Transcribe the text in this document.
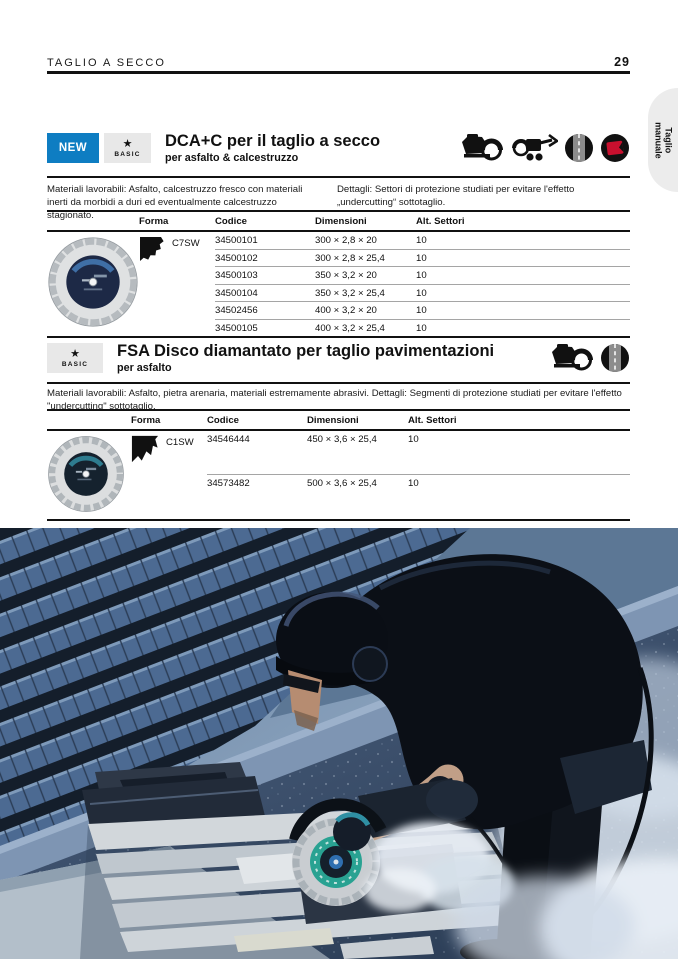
TAGLIO A SECCO	29
Taglio manuale
NEW	★
BASIC
DCA+C per il taglio a secco
per asfalto & calcestruzzo

Materiali lavorabili: Asfalto, calcestruzzo fresco con materiali inerti da morbidi a duri ed eventualmente calcestruzzo stagionato.

Dettagli: Settori di protezione studiati per evitare l'effetto „undercutting“ sottotaglio.

	Forma	Codice	Dimensioni	Alt. Settori

C7SW	34500101	300 × 2,8 × 20	10
		34500102	300 × 2,8 × 25,4	10
		34500103	350 × 3,2 × 20	10
		34500104	350 × 3,2 × 25,4	10
		34502456	400 × 3,2 × 20	10
		34500105	400 × 3,2 × 25,4	10
★
BASIC
FSA Disco diamantato per taglio pavimentazioni
per asfalto

Materiali lavorabili: Asfalto, pietra arenaria, materiali estremamente abrasivi. Dettagli: Segmenti di protezione studiati per evitare l'effetto "undercutting" sottotaglio.

	Forma	Codice	Dimensioni	Alt. Settori

C1SW	34546444	450 × 3,6 × 25,4	10
		34573482	500 × 3,6 × 25,4	10
